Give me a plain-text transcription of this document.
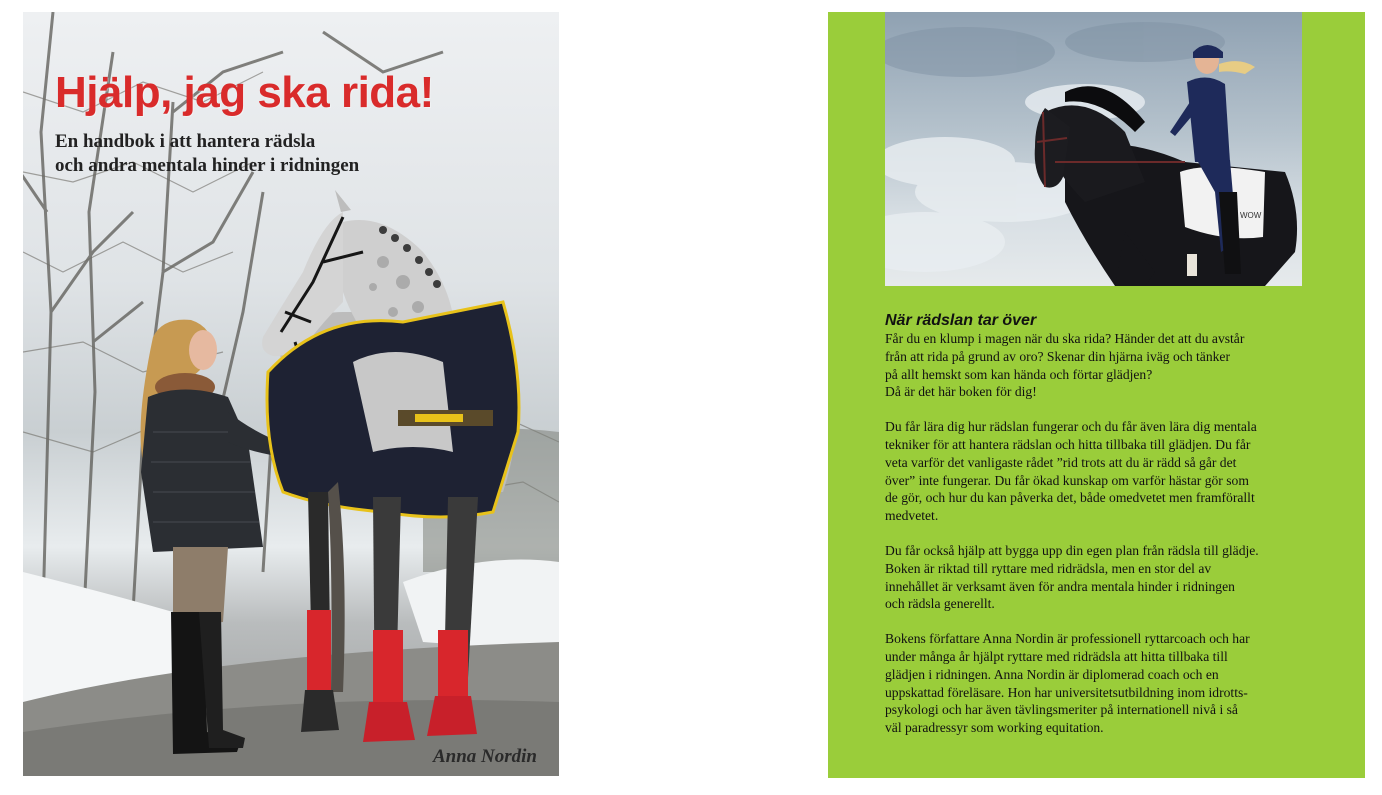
Hjälp, jag ska rida!
En handbok i att hantera rädsla
och andra mentala hinder i ridningen
Anna Nordin
WOW
När rädslan tar över

Får du en klump i magen när du ska rida? Händer det att du avstår
från att rida på grund av oro? Skenar din hjärna iväg och tänker
på allt hemskt som kan hända och förtar glädjen?
Då är det här boken för dig!

Du får lära dig hur rädslan fungerar och du får även lära dig mentala
tekniker för att hantera rädslan och hitta tillbaka till glädjen. Du får
veta varför det vanligaste rådet ”rid trots att du är rädd så går det
över” inte fungerar. Du får ökad kunskap om varför hästar gör som
de gör, och hur du kan påverka det, både omedvetet men framförallt
medvetet.

Du får också hjälp att bygga upp din egen plan från rädsla till glädje.
Boken är riktad till ryttare med ridrädsla, men en stor del av
innehållet är verksamt även för andra mentala hinder i ridningen
och rädsla generellt.

Bokens författare Anna Nordin är professionell ryttarcoach och har
under många år hjälpt ryttare med ridrädsla att hitta tillbaka till
glädjen i ridningen. Anna Nordin är diplomerad coach och en
uppskattad föreläsare. Hon har universitetsutbildning inom idrotts-
psykologi och har även tävlingsmeriter på internationell nivå i så
väl paradressyr som working equitation.
